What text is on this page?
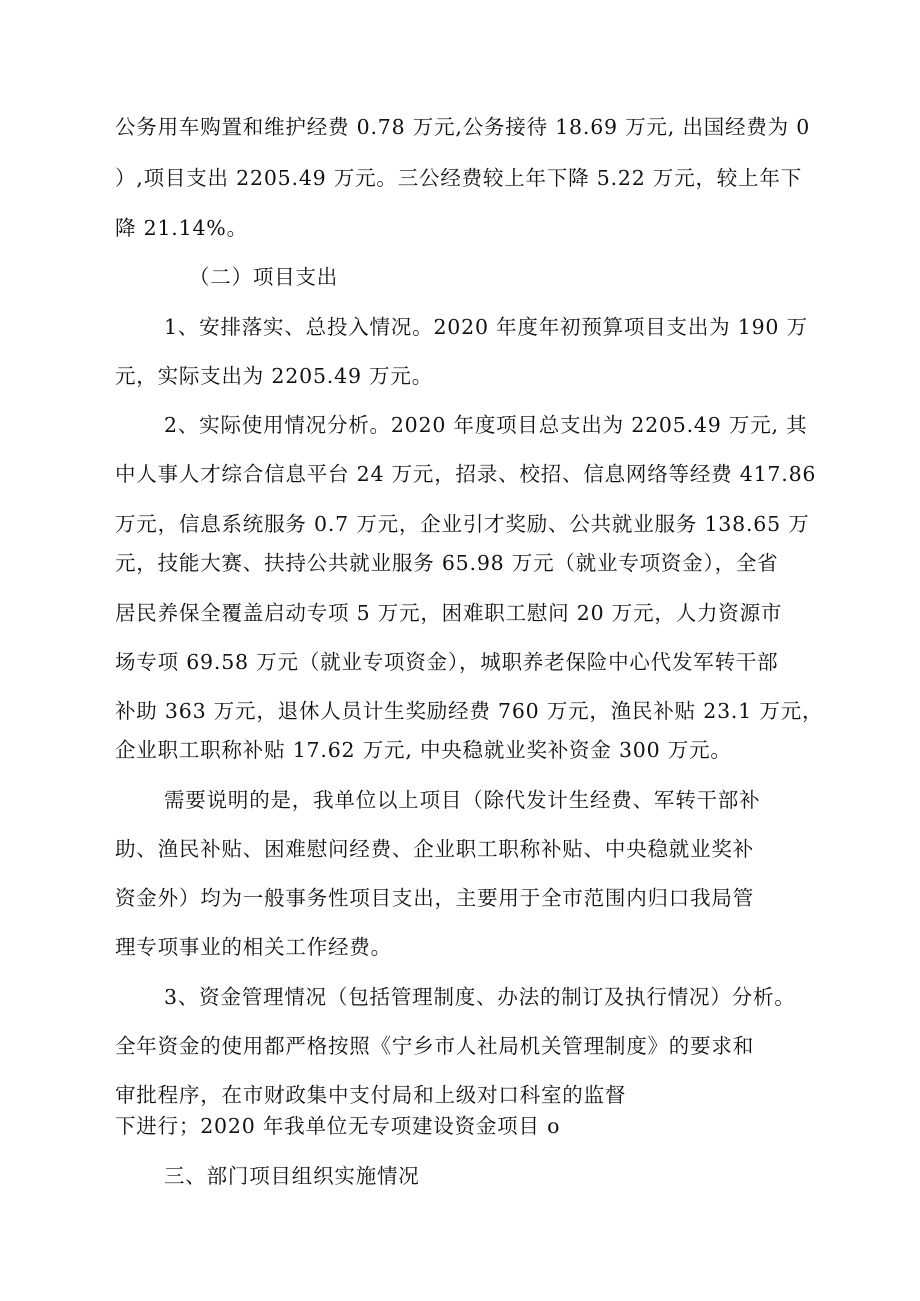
公务用车购置和维护经费 0.78 万元,公务接待 18.69 万元, 出国经费为 0
）,项目支出 2205.49 万元。三公经费较上年下降 5.22 万元，较上年下
降 21.14%。
（二）项目支出
1、安排落实、总投入情况。2020 年度年初预算项目支出为 190 万
元，实际支出为 2205.49 万元。
2、实际使用情况分析。2020 年度项目总支出为 2205.49 万元, 其
中人事人才综合信息平台 24 万元，招录、校招、信息网络等经费 417.86
万元，信息系统服务 0.7 万元，企业引才奖励、公共就业服务 138.65 万
元，技能大赛、扶持公共就业服务 65.98 万元（就业专项资金），全省
居民养保全覆盖启动专项 5 万元，困难职工慰问 20 万元，人力资源市
场专项 69.58 万元（就业专项资金），城职养老保险中心代发军转干部
补助 363 万元，退休人员计生奖励经费 760 万元，渔民补贴 23.1 万元，
企业职工职称补贴 17.62 万元, 中央稳就业奖补资金 300 万元。
需要说明的是，我单位以上项目（除代发计生经费、军转干部补
助、渔民补贴、困难慰问经费、企业职工职称补贴、中央稳就业奖补
资金外）均为一般事务性项目支出，主要用于全市范围内归口我局管
理专项事业的相关工作经费。
3、资金管理情况（包括管理制度、办法的制订及执行情况）分析。
全年资金的使用都严格按照《宁乡市人社局机关管理制度》的要求和
审批程序，在市财政集中支付局和上级对口科室的监督
下进行；2020 年我单位无专项建设资金项目 o
三、部门项目组织实施情况
